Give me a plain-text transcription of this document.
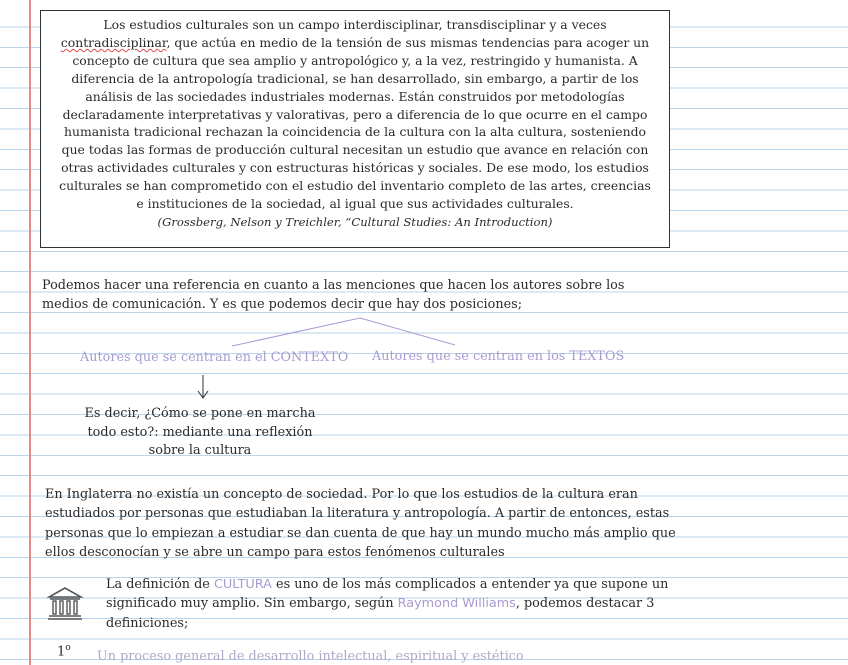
Los estudios culturales son un campo interdisciplinar, transdisciplinar y a veces contradisciplinar, que actúa en medio de la tensión de sus mismas tendencias para acoger un concepto de cultura que sea amplio y antropológico y, a la vez, restringido y humanista. A diferencia de la antropología tradicional, se han desarrollado, sin embargo, a partir de los análisis de las sociedades industriales modernas. Están construidos por metodologías declaradamente interpretativas y valorativas, pero a diferencia de lo que ocurre en el campo humanista tradicional rechazan la coincidencia de la cultura con la alta cultura, sosteniendo que todas las formas de producción cultural necesitan un estudio que avance en relación con otras actividades culturales y con estructuras históricas y sociales. De ese modo, los estudios culturales se han comprometido con el estudio del inventario completo de las artes, creencias e instituciones de la sociedad, al igual que sus actividades culturales.
(Grossberg, Nelson y Treichler, “Cultural Studies: An Introduction)
Podemos hacer una referencia en cuanto a las menciones que hacen los autores sobre los medios de comunicación. Y es que podemos decir que hay dos posiciones;
Autores que se centran en el CONTEXTO Autores que se centran en los TEXTOS
Es decir, ¿Cómo se pone en marcha todo esto?: mediante una reflexión sobre la cultura
En Inglaterra no existía un concepto de sociedad. Por lo que los estudios de la cultura eran estudiados por personas que estudiaban la literatura y antropología. A partir de entonces, estas personas que lo empiezan a estudiar se dan cuenta de que hay un mundo mucho más amplio que ellos desconocían y se abre un campo para estos fenómenos culturales
La definición de CULTURA es uno de los más complicados a entender ya que supone un significado muy amplio. Sin embargo, según Raymond Williams, podemos destacar 3 definiciones;
1$^o$
Un proceso general de desarrollo intelectual, espiritual y estético
